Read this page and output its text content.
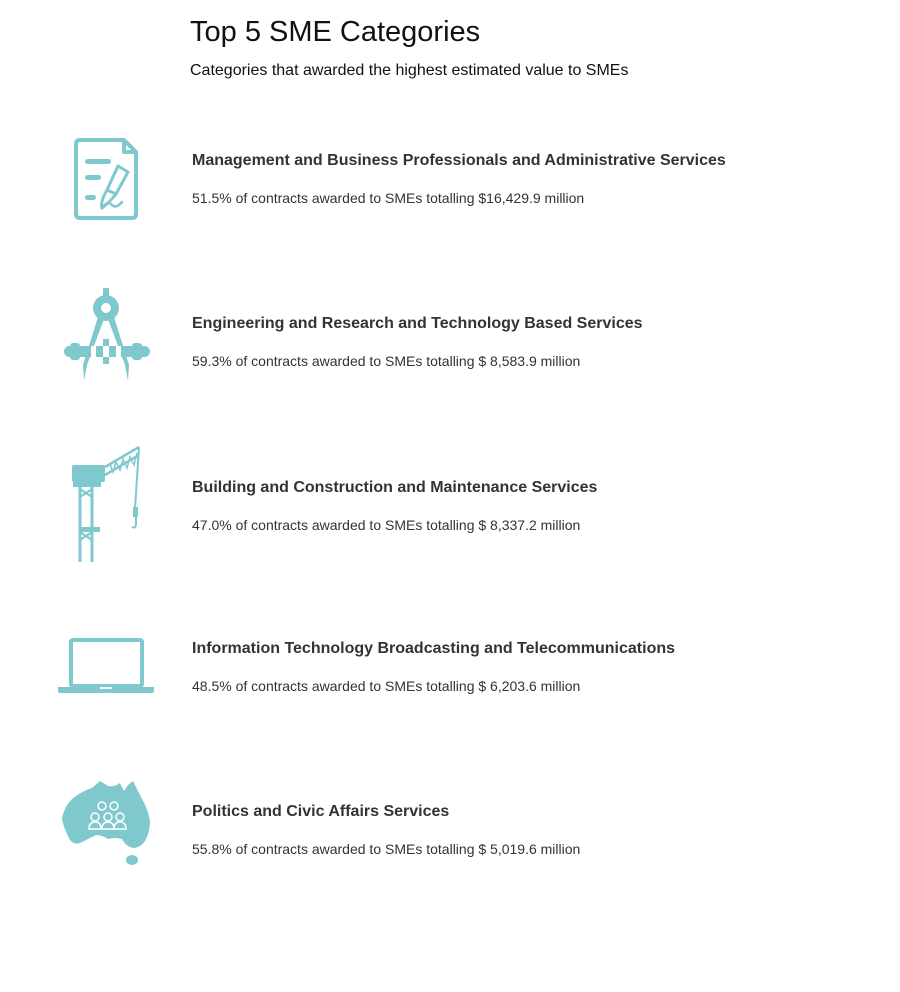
Top 5 SME Categories

Categories that awarded the highest estimated value to SMEs

Management and Business Professionals and Administrative Services

51.5% of contracts awarded to SMEs totalling $16,429.9 million

Engineering and Research and Technology Based Services

59.3% of contracts awarded to SMEs totalling $ 8,583.9 million

Building and Construction and Maintenance Services

47.0% of contracts awarded to SMEs totalling $ 8,337.2 million

Information Technology Broadcasting and Telecommunications

48.5% of contracts awarded to SMEs totalling $ 6,203.6 million

Politics and Civic Affairs Services

55.8% of contracts awarded to SMEs totalling $ 5,019.6 million
